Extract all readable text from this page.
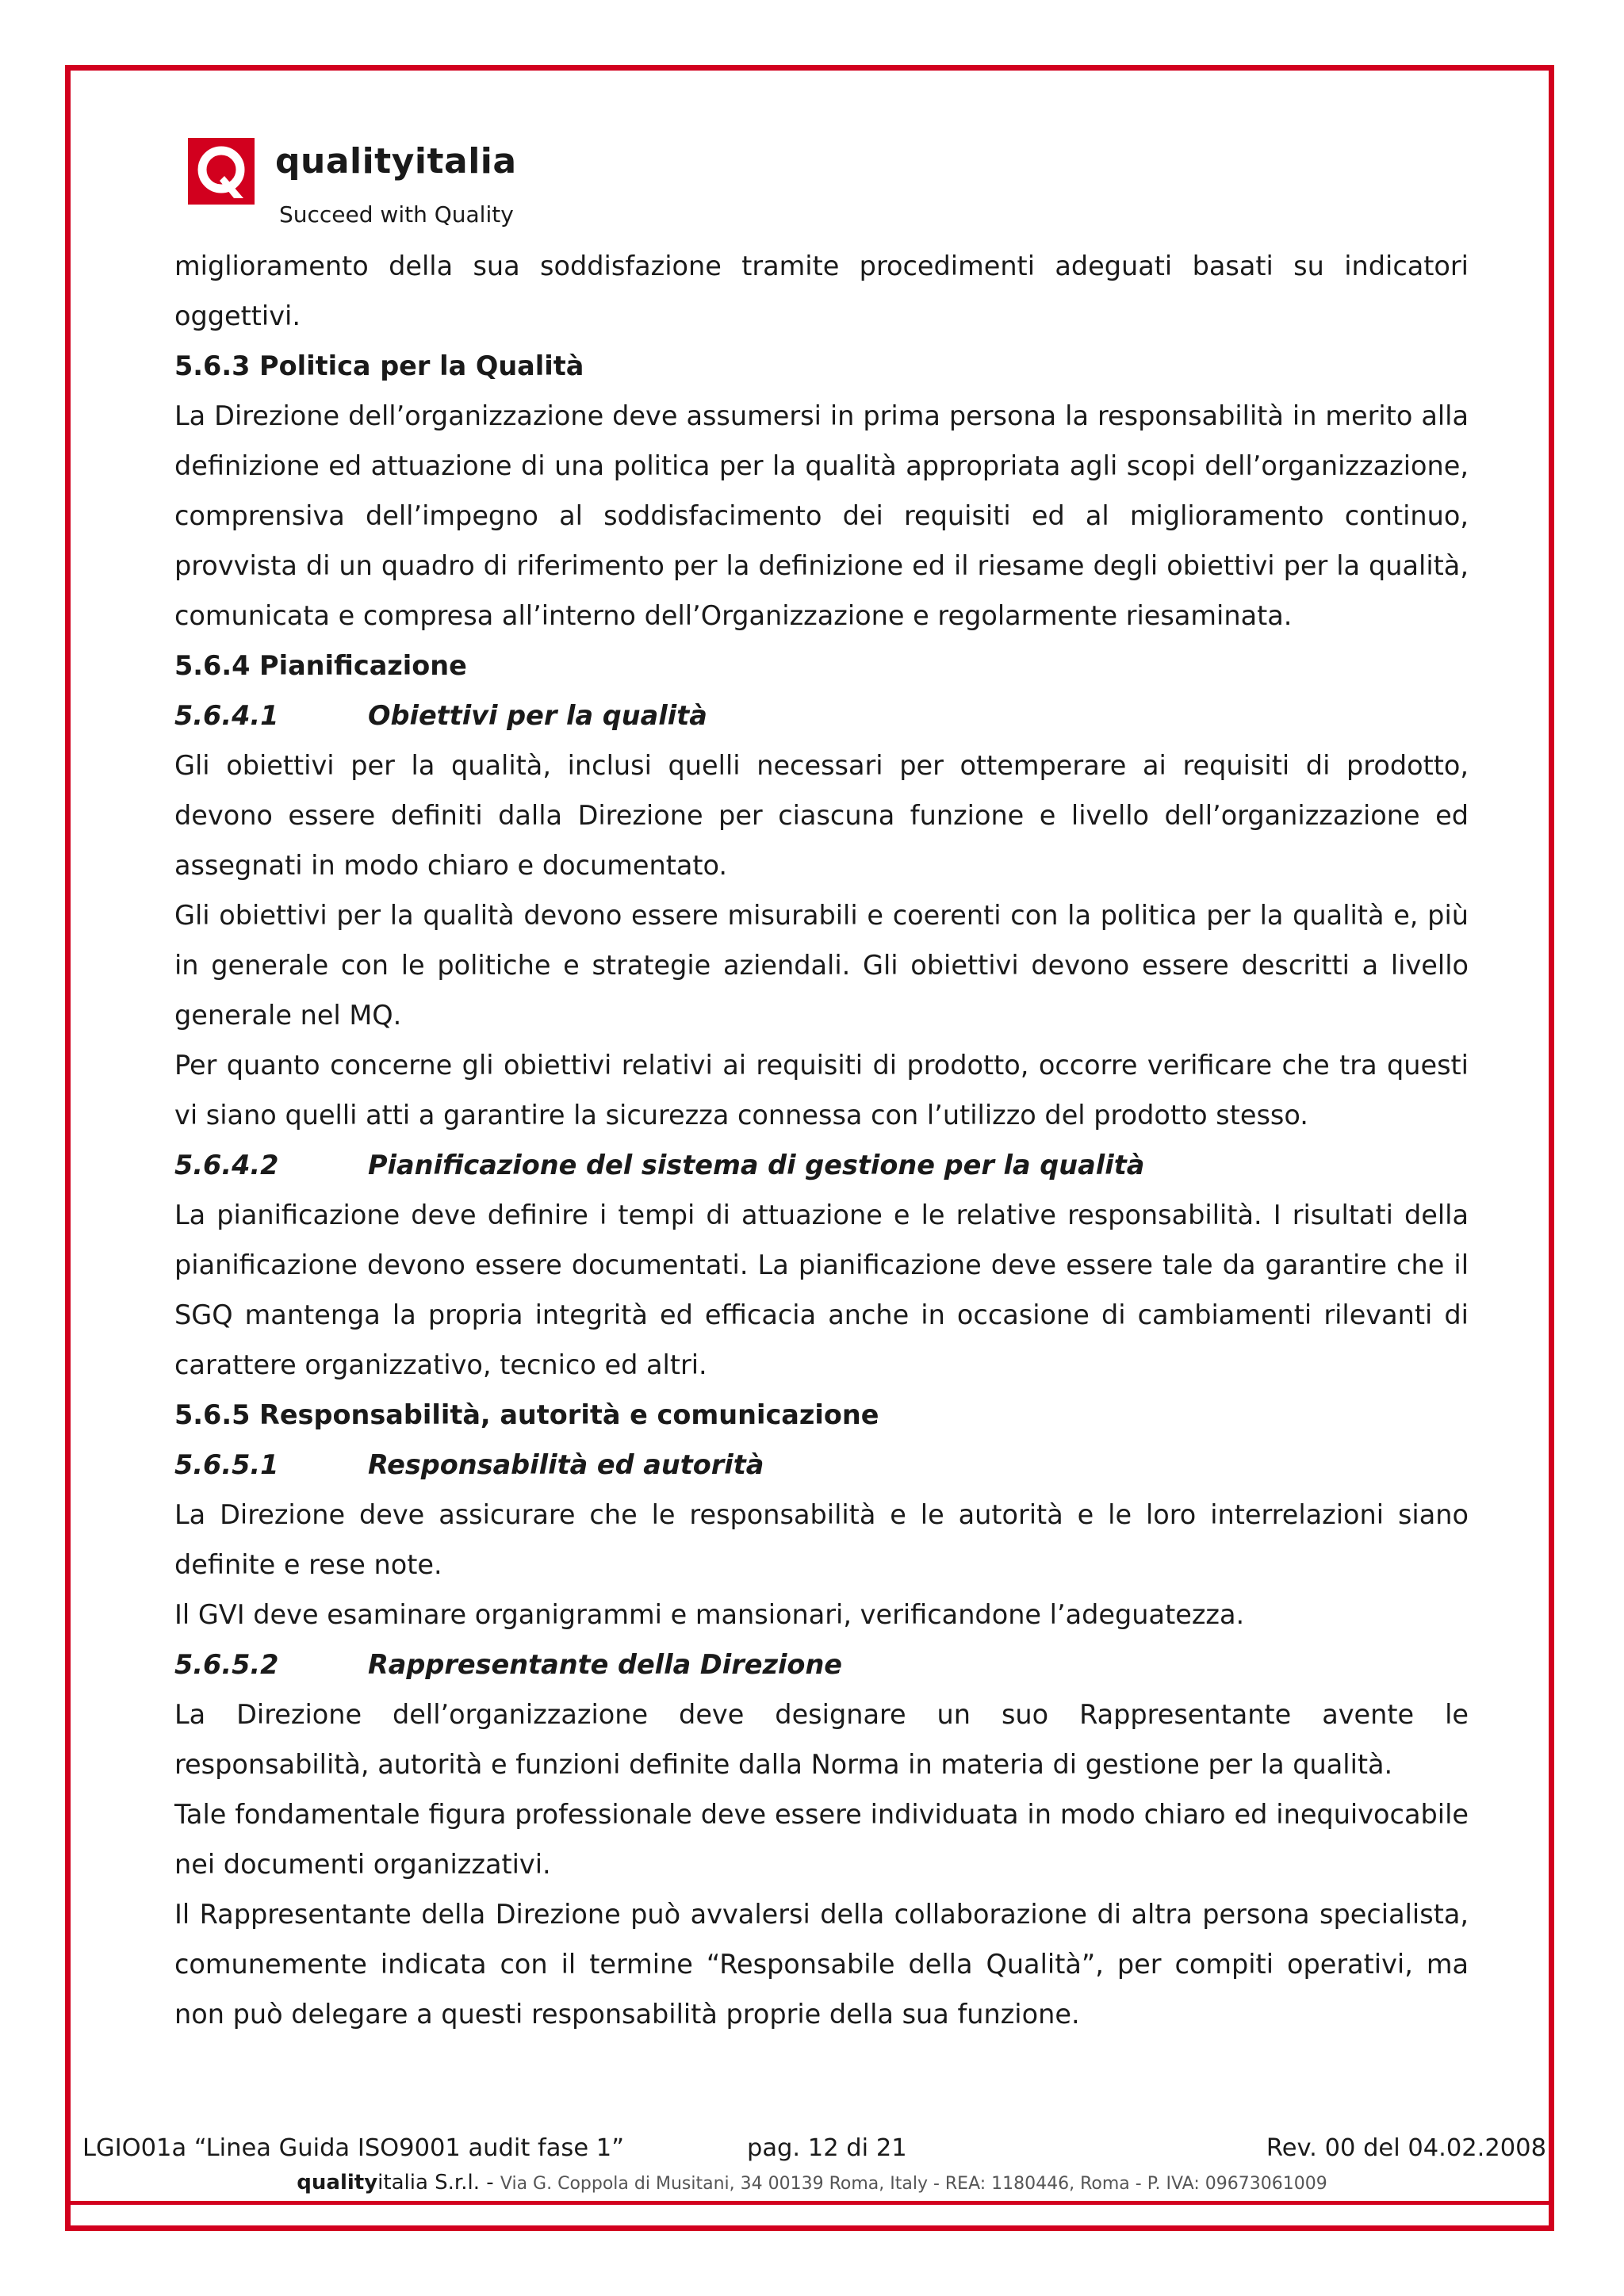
qualityitalia
Succeed with Quality

miglioramento della sua soddisfazione tramite procedimenti adeguati basati su indicatori oggettivi.

5.6.3 Politica per la Qualità

La Direzione dell’organizzazione deve assumersi in prima persona la responsabilità in merito alla definizione ed attuazione di una politica per la qualità appropriata agli scopi dell’organizzazione, comprensiva dell’impegno al soddisfacimento dei requisiti ed al miglioramento continuo, provvista di un quadro di riferimento per la definizione ed il riesame degli obiettivi per la qualità, comunicata e compresa all’interno dell’Organizzazione e regolarmente riesaminata.

5.6.4 Pianificazione
5.6.4.1	Obiettivi per la qualità

Gli obiettivi per la qualità, inclusi quelli necessari per ottemperare ai requisiti di prodotto, devono essere definiti dalla Direzione per ciascuna funzione e livello dell’organizzazione ed assegnati in modo chiaro e documentato.

Gli obiettivi per la qualità devono essere misurabili e coerenti con la politica per la qualità e, più in generale con le politiche e strategie aziendali. Gli obiettivi devono essere descritti a livello generale nel MQ.

Per quanto concerne gli obiettivi relativi ai requisiti di prodotto, occorre verificare che tra questi vi siano quelli atti a garantire la sicurezza connessa con l’utilizzo del prodotto stesso.

5.6.4.2	Pianificazione del sistema di gestione per la qualità

La pianificazione deve definire i tempi di attuazione e le relative responsabilità. I risultati della pianificazione devono essere documentati. La pianificazione deve essere tale da garantire che il SGQ mantenga la propria integrità ed efficacia anche in occasione di cambiamenti rilevanti di carattere organizzativo, tecnico ed altri.

5.6.5 Responsabilità, autorità e comunicazione
5.6.5.1	Responsabilità ed autorità

La Direzione deve assicurare che le responsabilità e le autorità e le loro interrelazioni siano definite e rese note.

Il GVI deve esaminare organigrammi e mansionari, verificandone l’adeguatezza.

5.6.5.2	Rappresentante della Direzione

La Direzione dell’organizzazione deve designare un suo Rappresentante avente le responsabilità, autorità e funzioni definite dalla Norma in materia di gestione per la qualità.

Tale fondamentale figura professionale deve essere individuata in modo chiaro ed inequivocabile nei documenti organizzativi.

Il Rappresentante della Direzione può avvalersi della collaborazione di altra persona specialista, comunemente indicata con il termine “Responsabile della Qualità”, per compiti operativi, ma non può delegare a questi responsabilità proprie della sua funzione.

LGIO01a “Linea Guida ISO9001 audit fase 1”	pag. 12 di 21	Rev. 00 del 04.02.2008
qualityitalia S.r.l. - Via G. Coppola di Musitani, 34 00139 Roma, Italy - REA: 1180446, Roma - P. IVA: 09673061009
